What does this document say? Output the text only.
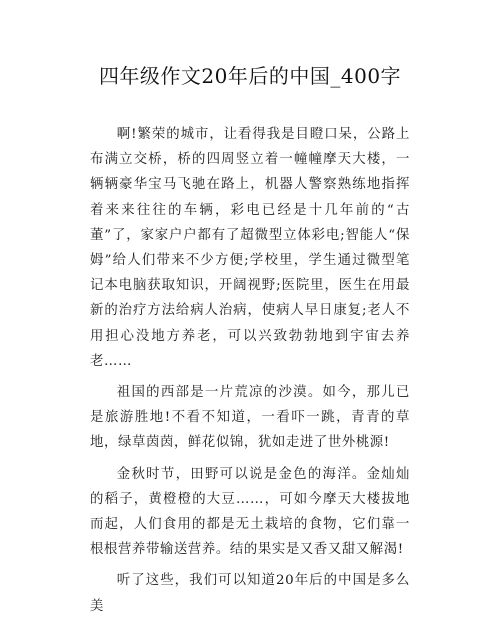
四年级作文20年后的中国_400字

啊!繁荣的城市，让看得我是目瞪口呆，公路上布满立交桥，桥的四周竖立着一幢幢摩天大楼，一辆辆豪华宝马飞驰在路上，机器人警察熟练地指挥着来来往往的车辆，彩电已经是十几年前的“古董”了，家家户户都有了超微型立体彩电;智能人“保姆”给人们带来不少方便;学校里，学生通过微型笔记本电脑获取知识，开阔视野;医院里，医生在用最新的治疗方法给病人治病，使病人早日康复;老人不用担心没地方养老，可以兴致勃勃地到宇宙去养老……

祖国的西部是一片荒凉的沙漠。如今，那儿已是旅游胜地!不看不知道，一看吓一跳，青青的草地，绿草茵茵，鲜花似锦，犹如走进了世外桃源!

金秋时节，田野可以说是金色的海洋。金灿灿的稻子，黄橙橙的大豆……，可如今摩天大楼拔地而起，人们食用的都是无土栽培的食物，它们靠一根根营养带输送营养。结的果实是又香又甜又解渴!

听了这些，我们可以知道20年后的中国是多么美
